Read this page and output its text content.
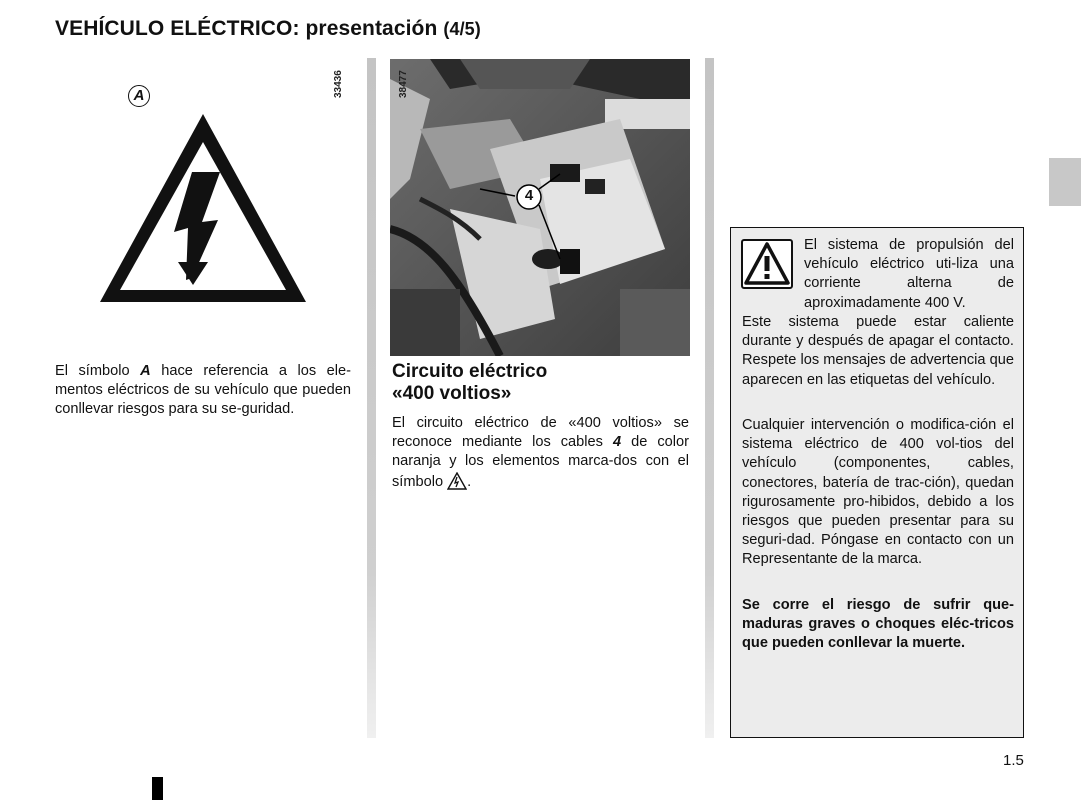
VEHÍCULO ELÉCTRICO: presentación (4/5)
33436
A
El símbolo A hace referencia a los ele-mentos eléctricos de su vehículo que pueden conllevar riesgos para su se-guridad.
4
38477
Circuito eléctrico
«400 voltios»
El circuito eléctrico de «400 voltios» se reconoce mediante los cables 4 de color naranja y los elementos marca-dos con el símbolo .
El sistema de propulsión del vehículo eléctrico uti-liza una corriente alterna de aproximadamente 400 V.
Este sistema puede estar caliente durante y después de apagar el contacto. Respete los mensajes de advertencia que aparecen en las etiquetas del vehículo.
Cualquier intervención o modifica-ción el sistema eléctrico de 400 vol-tios del vehículo (componentes, cables, conectores, batería de trac-ción), quedan rigurosamente pro-hibidos, debido a los riesgos que pueden presentar para su seguri-dad. Póngase en contacto con un Representante de la marca.
Se corre el riesgo de sufrir que-maduras graves o choques eléc-tricos que pueden conllevar la muerte.
1.5
